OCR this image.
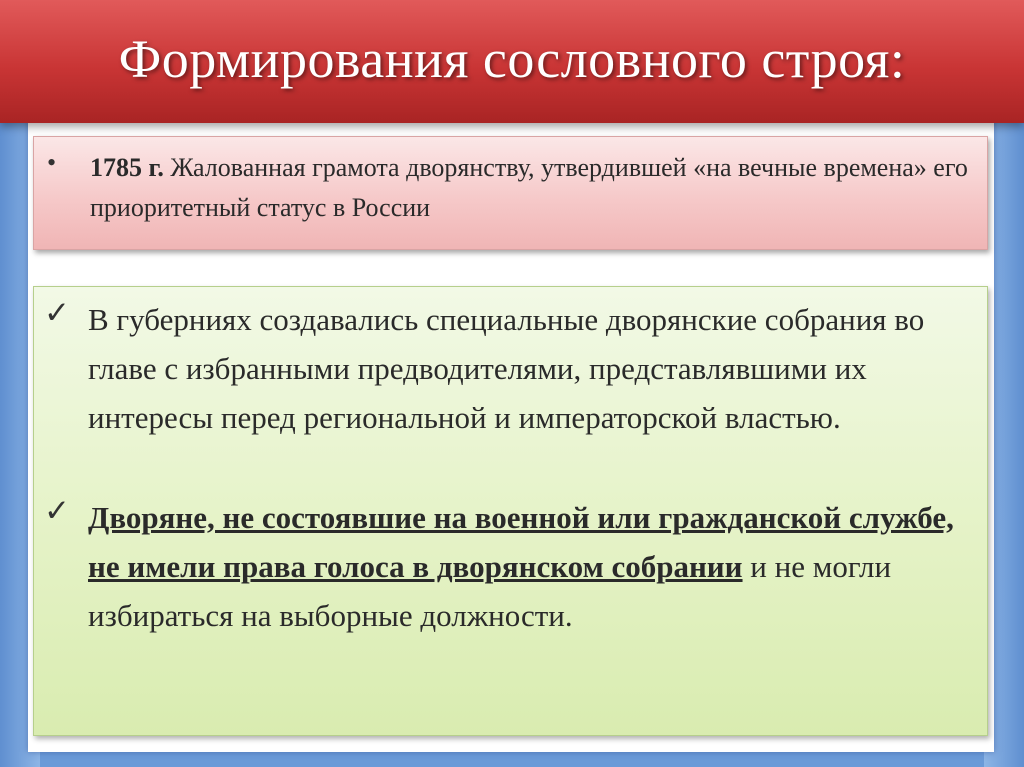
Формирования сословного строя:
• 1785 г. Жалованная грамота дворянству, утвердившей «на вечные времена» его приоритетный статус в России
✓ В губерниях создавались специальные дворянские собрания во главе с избранными предводителями, представлявшими их интересы перед региональной и императорской властью.
✓ Дворяне, не состоявшие на военной или гражданской службе, не имели права голоса в дворянском собрании и не могли избираться на выборные должности.
